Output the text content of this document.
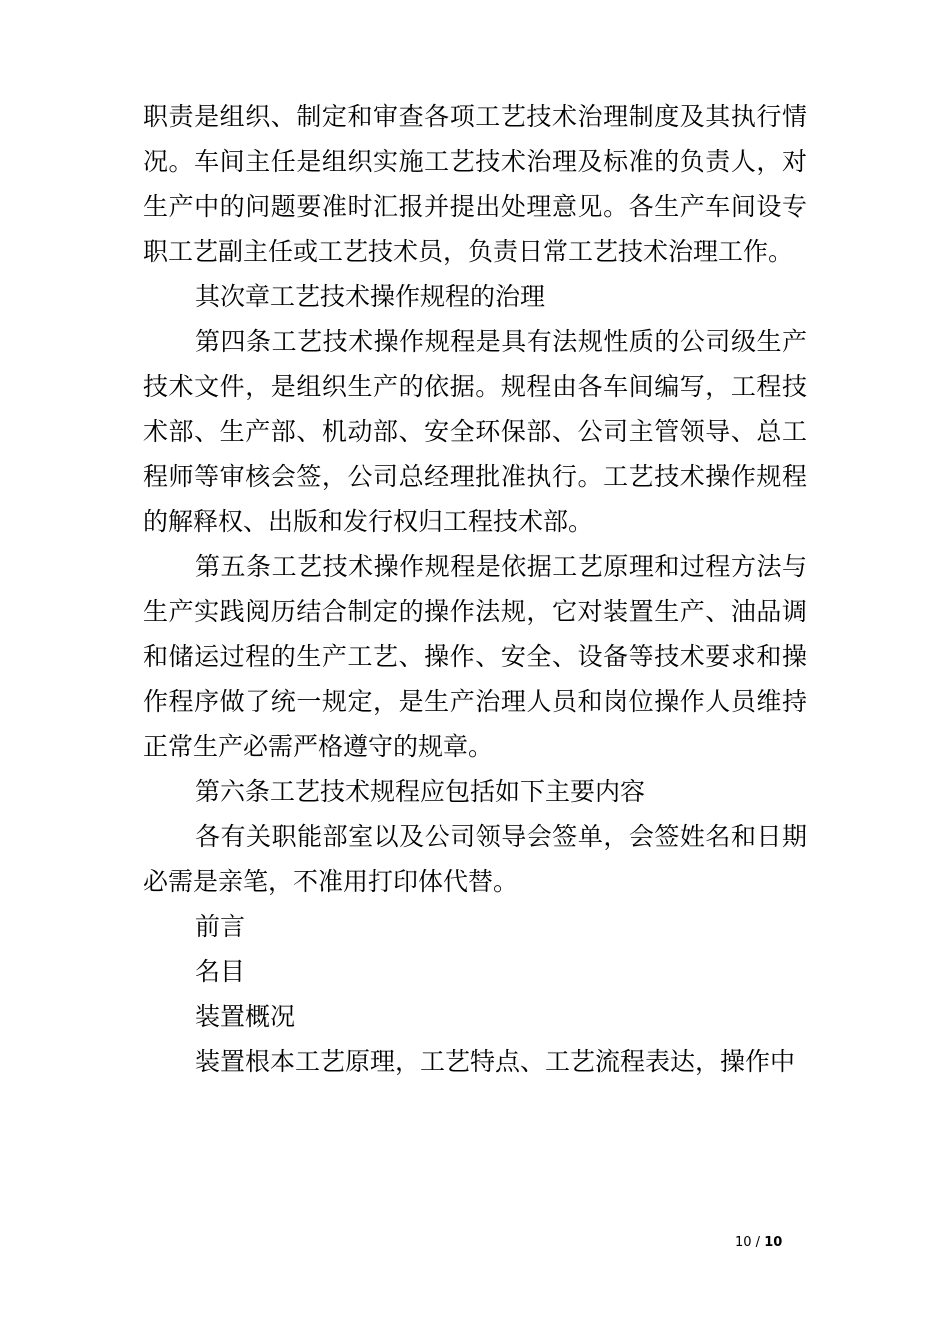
职责是组织、制定和审查各项工艺技术治理制度及其执行情况。车间主任是组织实施工艺技术治理及标准的负责人，对生产中的问题要准时汇报并提出处理意见。各生产车间设专职工艺副主任或工艺技术员，负责日常工艺技术治理工作。

其次章工艺技术操作规程的治理

第四条工艺技术操作规程是具有法规性质的公司级生产技术文件，是组织生产的依据。规程由各车间编写，工程技术部、生产部、机动部、安全环保部、公司主管领导、总工程师等审核会签，公司总经理批准执行。工艺技术操作规程的解释权、出版和发行权归工程技术部。

第五条工艺技术操作规程是依据工艺原理和过程方法与生产实践阅历结合制定的操作法规，它对装置生产、油品调和储运过程的生产工艺、操作、安全、设备等技术要求和操作程序做了统一规定，是生产治理人员和岗位操作人员维持正常生产必需严格遵守的规章。

第六条工艺技术规程应包括如下主要内容

各有关职能部室以及公司领导会签单，会签姓名和日期必需是亲笔，不准用打印体代替。

前言

名目

装置概况

装置根本工艺原理，工艺特点、工艺流程表达，操作中

10 / 10
